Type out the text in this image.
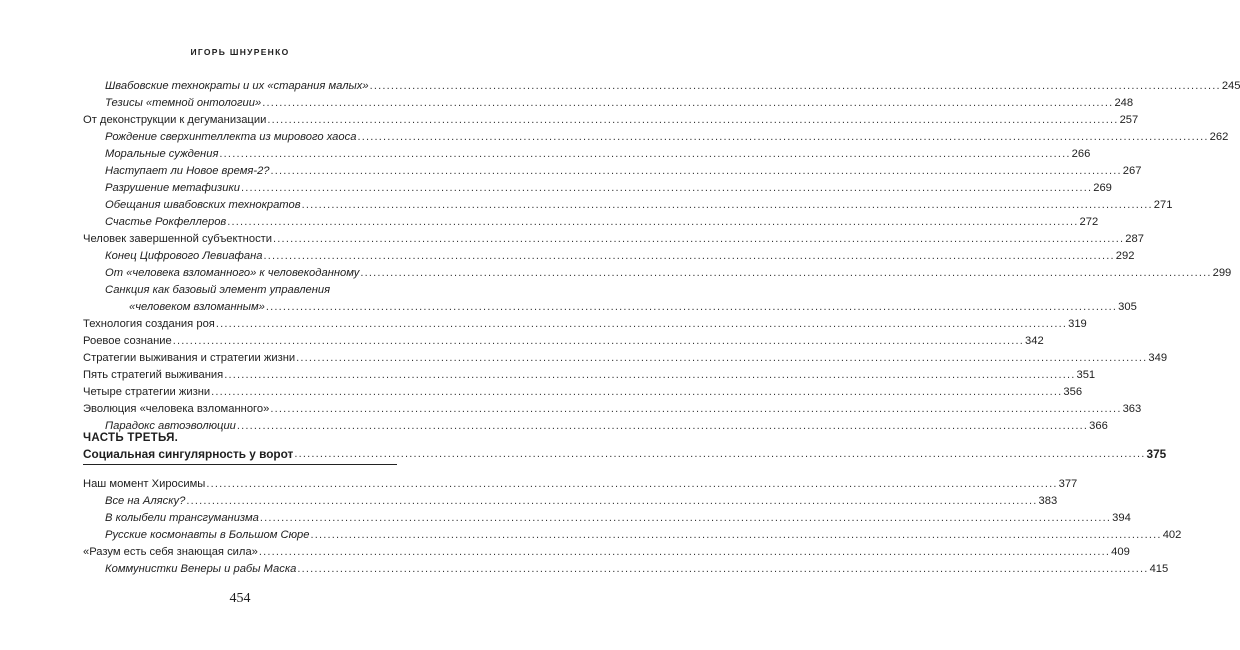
ИГОРЬ ШНУРЕНКО
Швабовские технократы и их «старания малых» ........................................................................................................................................................................................................ 245
Тезисы «темной онтологии» ........................................................................................................................................................................................................ 248
От деконструкции к дегуманизации ........................................................................................................................................................................................................ 257
Рождение сверхинтеллекта из мирового хаоса ........................................................................................................................................................................................................ 262
Моральные суждения ........................................................................................................................................................................................................ 266
Наступает ли Новое время-2? ........................................................................................................................................................................................................ 267
Разрушение метафизики ........................................................................................................................................................................................................ 269
Обещания швабовских технократов ........................................................................................................................................................................................................ 271
Счастье Рокфеллеров ........................................................................................................................................................................................................ 272
Человек завершенной субъектности ........................................................................................................................................................................................................ 287
Конец Цифрового Левиафана ........................................................................................................................................................................................................ 292
От «человека взломанного» к человекоданному ........................................................................................................................................................................................................ 299
Санкция как базовый элемент управления
«человеком взломанным» ........................................................................................................................................................................................................ 305
Технология создания роя ........................................................................................................................................................................................................ 319
Роевое сознание ........................................................................................................................................................................................................ 342
Стратегии выживания и стратегии жизни ........................................................................................................................................................................................................ 349
Пять стратегий выживания ........................................................................................................................................................................................................ 351
Четыре стратегии жизни ........................................................................................................................................................................................................ 356
Эволюция «человека взломанного» ........................................................................................................................................................................................................ 363
Парадокс автоэволюции ........................................................................................................................................................................................................ 366
Наш момент Хиросимы ........................................................................................................................................................................................................ 377
Все на Аляску? ........................................................................................................................................................................................................ 383
В колыбели трансгуманизма ........................................................................................................................................................................................................ 394
Русские космонавты в Большом Сюре ........................................................................................................................................................................................................ 402
«Разум есть себя знающая сила» ........................................................................................................................................................................................................ 409
Коммунистки Венеры и рабы Маска ........................................................................................................................................................................................................ 415
ЧАСТЬ ТРЕТЬЯ.
Социальная сингулярность у ворот ........................................................................................................................................................................................................ 375
454
